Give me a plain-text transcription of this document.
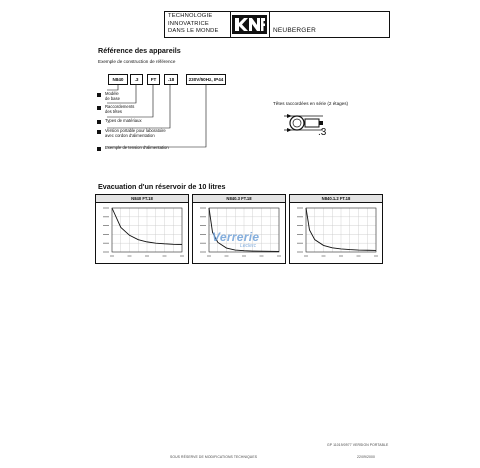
TECHNOLOGIE
INNOVATRICE
DANS LE MONDE	NEUBERGER
Référence des appareils
Exemple de construction de référence
N840	.3	FT	.18	230V/50Hz, IP44
Modèle
de base
Raccordements
des têtes
Types de matériaux
Version portable pour laboratoire
avec cordon d'alimentation
Exemple de tension d'alimentation
Têtes raccordées en série (2 étages)
.3
Evacuation d'un réservoir de 10 litres
N840 FT.18	N840.3 FT.18	N840.1.2 FT.18
Verrerie
Leclerc
GP 11019/0977 VERSION PORTABLE
SOUS RÉSERVE DE MODIFICATIONS TECHNIQUES	22/09/2000
